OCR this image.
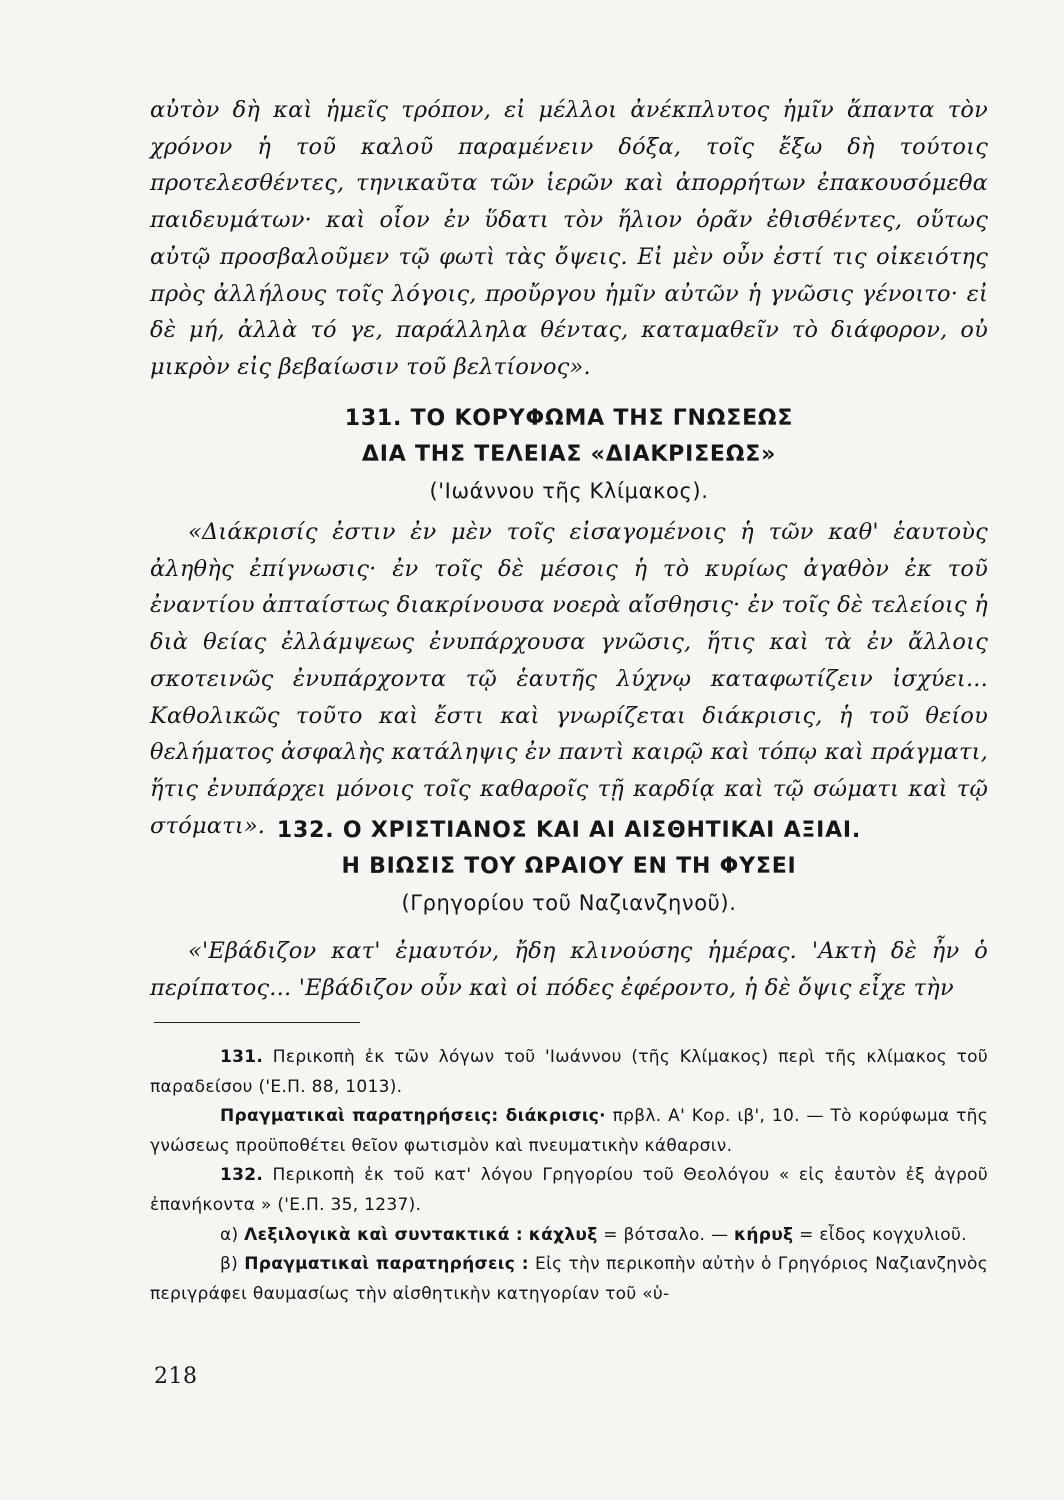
αὐτὸν δὴ καὶ ἡμεῖς τρόπον, εἰ μέλλοι ἀνέκπλυτος ἡμῖν ἅπαντα τὸν χρόνον ἡ τοῦ καλοῦ παραμένειν δόξα, τοῖς ἔξω δὴ τούτοις προτελεσθέντες, τηνικαῦτα τῶν ἱερῶν καὶ ἀπορρήτων ἐπακουσόμεθα παιδευμάτων· καὶ οἷον ἐν ὕδατι τὸν ἥλιον ὁρᾶν ἐθισθέντες, οὕτως αὐτῷ προσβαλοῦμεν τῷ φωτὶ τὰς ὄψεις. Εἰ μὲν οὖν ἐστί τις οἰκειότης πρὸς ἀλλήλους τοῖς λόγοις, προὔργου ἡμῖν αὐτῶν ἡ γνῶσις γένοιτο· εἰ δὲ μή, ἀλλὰ τό γε, παράλληλα θέντας, καταμαθεῖν τὸ διάφορον, οὐ μικρὸν εἰς βεβαίωσιν τοῦ βελτίονος».

131. ΤΟ ΚΟΡΥΦΩΜΑ ΤΗΣ ΓΝΩΣΕΩΣ
ΔΙΑ ΤΗΣ ΤΕΛΕΙΑΣ «ΔΙΑΚΡΙΣΕΩΣ»
('Ιωάννου τῆς Κλίμακος).

«Διάκρισίς ἐστιν ἐν μὲν τοῖς εἰσαγομένοις ἡ τῶν καθ' ἑαυτοὺς ἀληθὴς ἐπίγνωσις· ἐν τοῖς δὲ μέσοις ἡ τὸ κυρίως ἀγαθὸν ἐκ τοῦ ἐναντίου ἀπταίστως διακρίνουσα νοερὰ αἴσθησις· ἐν τοῖς δὲ τελείοις ἡ διὰ θείας ἐλλάμψεως ἐνυπάρχουσα γνῶσις, ἥτις καὶ τὰ ἐν ἄλλοις σκοτεινῶς ἐνυπάρχοντα τῷ ἑαυτῆς λύχνῳ καταφωτίζειν ἰσχύει... Καθολικῶς τοῦτο καὶ ἔστι καὶ γνωρίζεται διάκρισις, ἡ τοῦ θείου θελήματος ἀσφαλὴς κατάληψις ἐν παντὶ καιρῷ καὶ τόπῳ καὶ πράγματι, ἥτις ἐνυπάρχει μόνοις τοῖς καθαροῖς τῇ καρδίᾳ καὶ τῷ σώματι καὶ τῷ στόματι». 132. Ο ΧΡΙΣΤΙΑΝΟΣ ΚΑΙ ΑΙ ΑΙΣΘΗΤΙΚΑΙ ΑΞΙΑΙ.
Η ΒΙΩΣΙΣ ΤΟΥ ΩΡΑΙΟΥ ΕΝ ΤΗ ΦΥΣΕΙ
(Γρηγορίου τοῦ Ναζιανζηνοῦ).

«'Εβάδιζον κατ' ἐμαυτόν, ἤδη κλινούσης ἡμέρας. 'Ακτὴ δὲ ἦν ὁ περίπατος... 'Εβάδιζον οὖν καὶ οἱ πόδες ἐφέροντο, ἡ δὲ ὄψις εἶχε τὴν

131. Περικοπὴ ἐκ τῶν λόγων τοῦ 'Ιωάννου (τῆς Κλίμακος) περὶ τῆς κλίμακος τοῦ παραδείσου ('Ε.Π. 88, 1013).

Πραγματικαὶ παρατηρήσεις: διάκρισις· πρβλ. Α' Κορ. ιβ', 10. — Τὸ κορύφωμα τῆς γνώσεως προϋποθέτει θεῖον φωτισμὸν καὶ πνευματικὴν κάθαρσιν.

132. Περικοπὴ ἐκ τοῦ κατ' λόγου Γρηγορίου τοῦ Θεολόγου « εἰς ἑαυτὸν ἐξ ἀγροῦ ἐπανήκοντα » ('Ε.Π. 35, 1237).

α) Λεξιλογικὰ καὶ συντακτικά : κάχλυξ = βότσαλο. — κήρυξ = εἶδος κογχυλιοῦ.

β) Πραγματικαὶ παρατηρήσεις : Εἰς τὴν περικοπὴν αὐτὴν ὁ Γρηγόριος Ναζιανζηνὸς περιγράφει θαυμασίως τὴν αἰσθητικὴν κατηγορίαν τοῦ «ὑ-

218
